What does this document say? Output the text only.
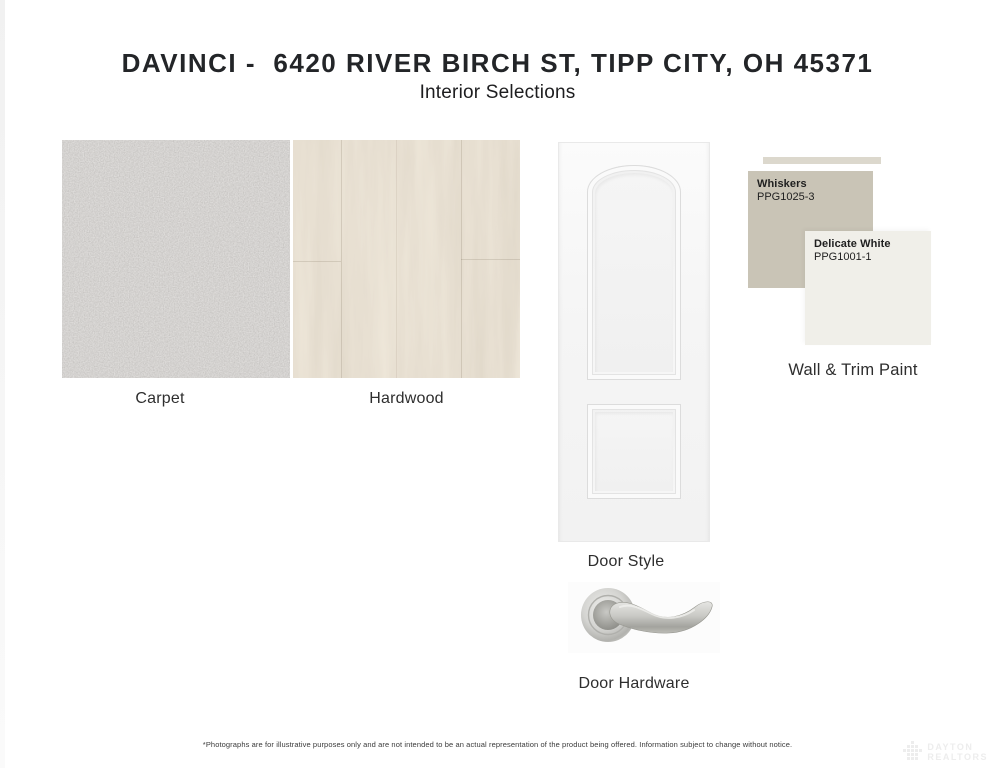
DAVINCI -  6420 RIVER BIRCH ST, TIPP CITY, OH 45371
Interior Selections
Carpet	Hardwood
Door Style
Door Hardware
Whiskers
PPG1025-3
Delicate White
PPG1001-1
Wall & Trim Paint
*Photographs are for illustrative purposes only and are not intended to be an actual representation of the product being offered. Information subject to change without notice.	DAYTON
REALTORS
